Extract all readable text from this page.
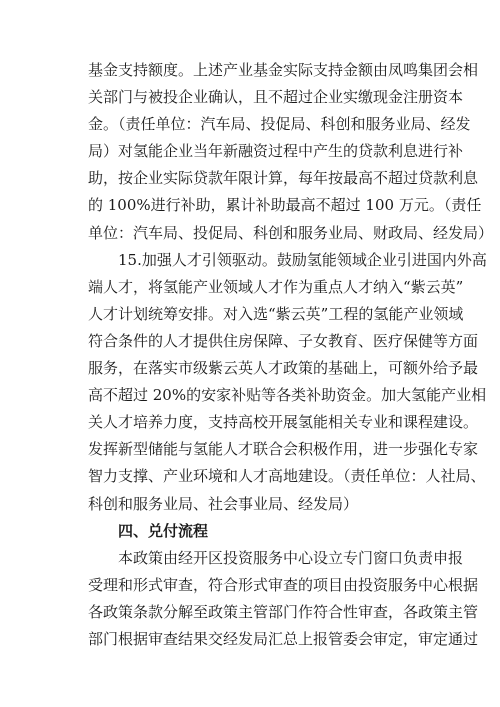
基金支持额度。上述产业基金实际支持金额由凤鸣集团会相
关部门与被投企业确认，且不超过企业实缴现金注册资本
金。（责任单位：汽车局、投促局、科创和服务业局、经发
局）对氢能企业当年新融资过程中产生的贷款利息进行补
助，按企业实际贷款年限计算，每年按最高不超过贷款利息
的 100%进行补助，累计补助最高不超过 100 万元。（责任
单位：汽车局、投促局、科创和服务业局、财政局、经发局）
15.加强人才引领驱动。鼓励氢能领域企业引进国内外高
端人才，将氢能产业领域人才作为重点人才纳入“紫云英”
人才计划统筹安排。对入选“紫云英”工程的氢能产业领域
符合条件的人才提供住房保障、子女教育、医疗保健等方面
服务，在落实市级紫云英人才政策的基础上，可额外给予最
高不超过 20%的安家补贴等各类补助资金。加大氢能产业相
关人才培养力度，支持高校开展氢能相关专业和课程建设。
发挥新型储能与氢能人才联合会积极作用，进一步强化专家
智力支撑、产业环境和人才高地建设。（责任单位：人社局、
科创和服务业局、社会事业局、经发局）
四、兑付流程
本政策由经开区投资服务中心设立专门窗口负责申报
受理和形式审查，符合形式审查的项目由投资服务中心根据
各政策条款分解至政策主管部门作符合性审查，各政策主管
部门根据审查结果交经发局汇总上报管委会审定，审定通过
